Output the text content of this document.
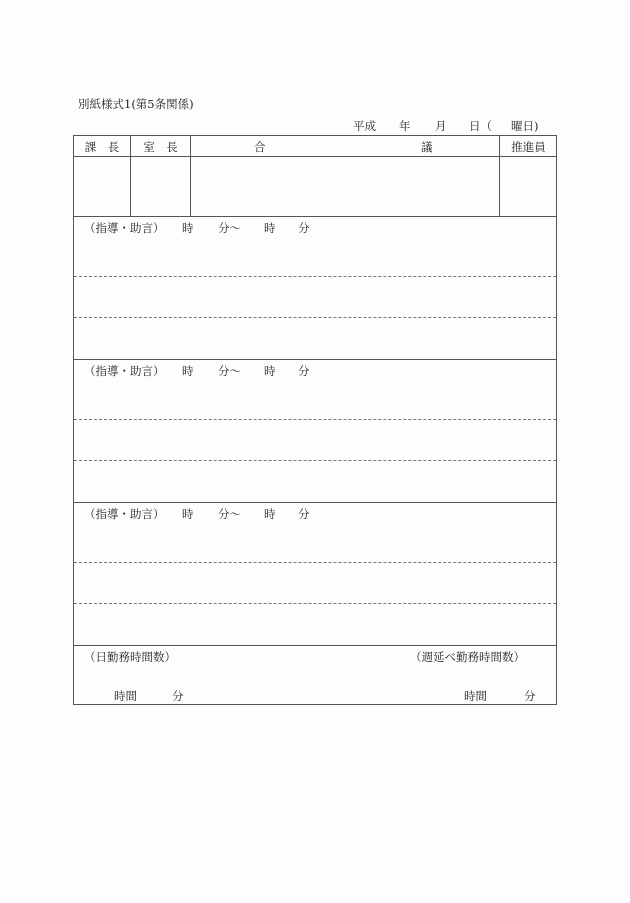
別紙様式1(第5条関係)
平成 年 月 日（ 曜日)
課　長	室　長	合	議	推進員
（指導・助言） 時 分〜 時 分
（指導・助言） 時 分〜 時 分
（指導・助言） 時 分〜 時 分
（日勤務時間数）	（週延べ勤務時間数）
時間	分	時間	分
